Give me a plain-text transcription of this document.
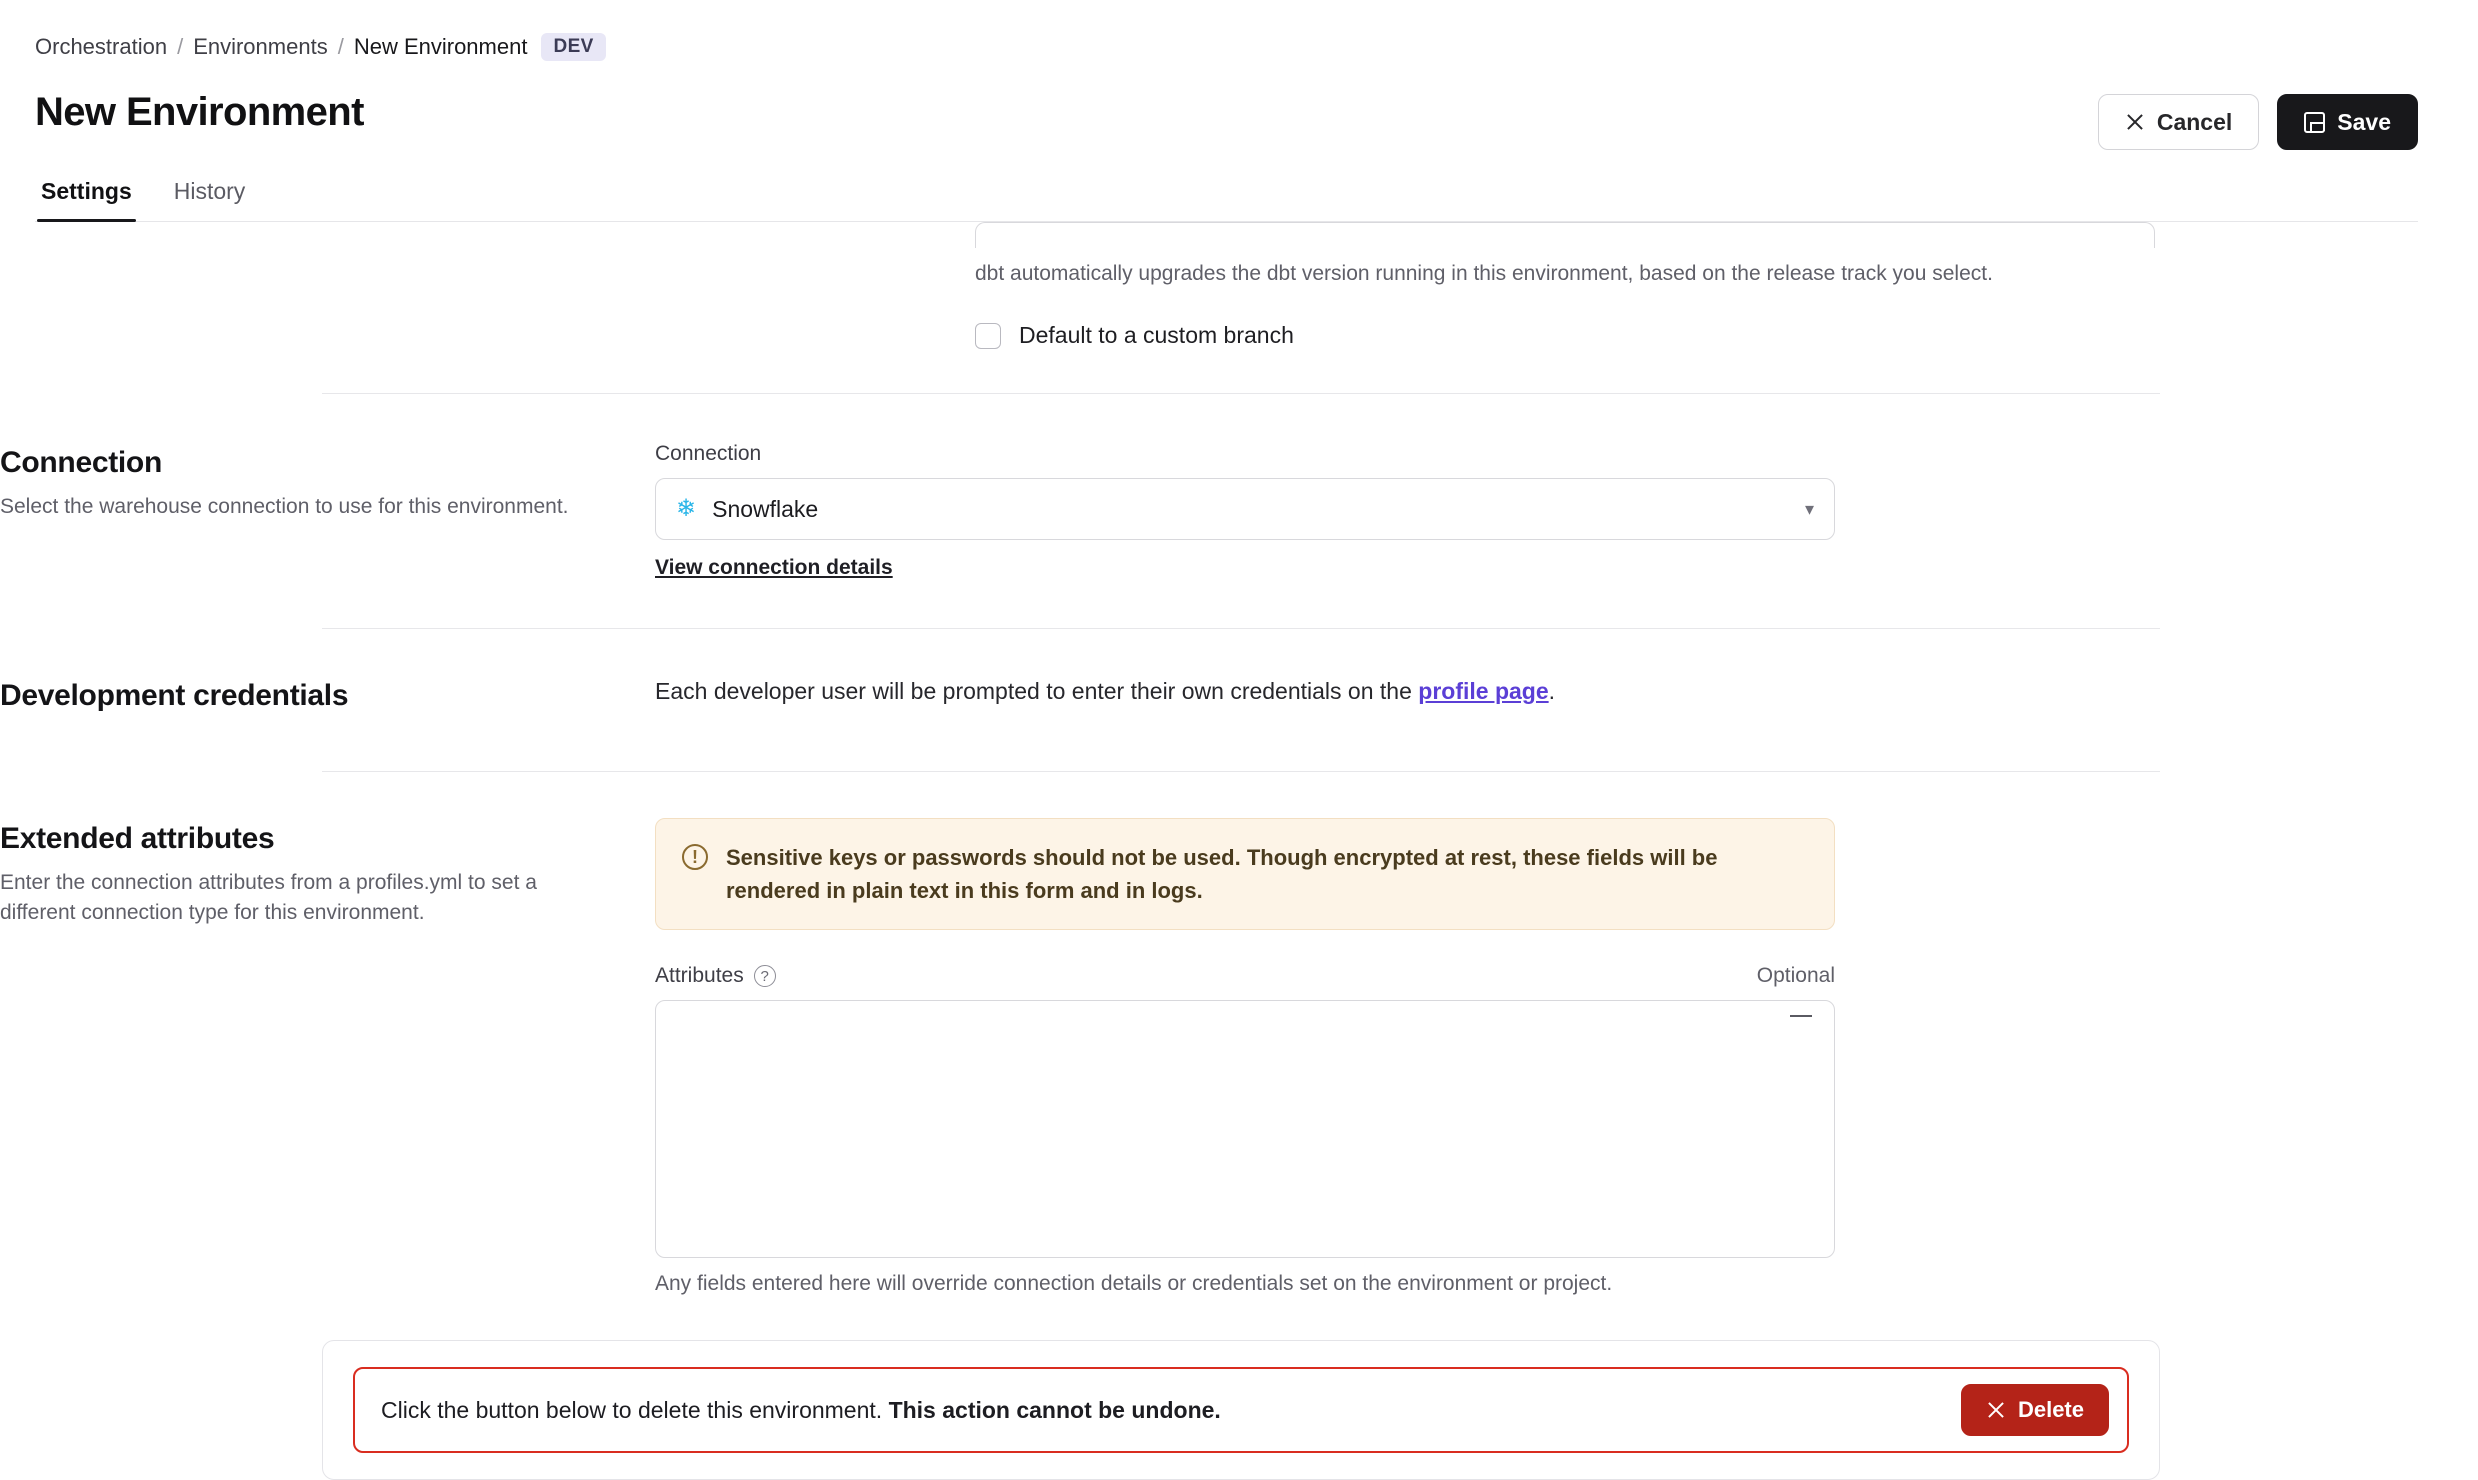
Orchestration / Environments / New Environment	DEV
New Environment	Cancel	Save
Settings History
dbt automatically upgrades the dbt version running in this environment, based on the release track you select.
Default to a custom branch
Connection

Select the warehouse connection to use for this environment.

Connection
❄ Snowflake	▾
View connection details
Development credentials	Each developer user will be prompted to enter their own credentials on the profile page.
Extended attributes

Enter the connection attributes from a profiles.yml to set a different connection type for this environment.

!	Sensitive keys or passwords should not be used. Though encrypted at rest, these fields will be rendered in plain text in this form and in logs.
Attributes	?	Optional
Any fields entered here will override connection details or credentials set on the environment or project.
Click the button below to delete this environment. This action cannot be undone.	Delete
